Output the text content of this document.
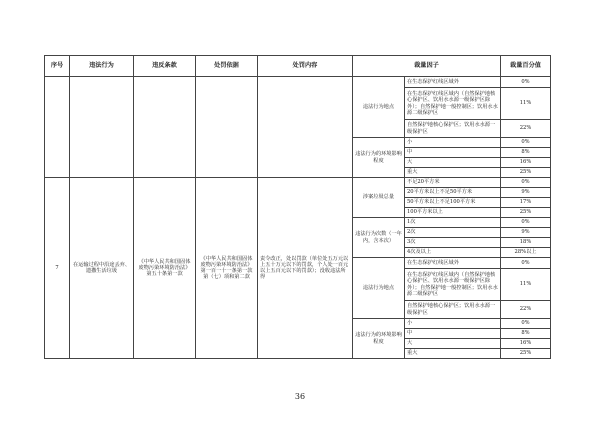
序号	违法行为	违反条款	处罚依据	处罚内容	裁量因子		裁量百分值
					违法行为地点	在生态保护红线区域外	0%
						在生态保护红线区域内（自然保护地核心保护区、饮用水水源一级保护区除外）；自然保护地一般控制区；饮用水水源二级保护区	11%
						自然保护地核心保护区；饮用水水源一级保护区	22%
					违法行为的环境影响程度	小	0%
						中	8%
						大	16%
						重大	25%
7	在运输过程中沿途丢弃、遗撒生活垃圾	《中华人民共和国固体废物污染环境防治法》第五十条第一款	《中华人民共和国固体废物污染环境防治法》第一百一十一条第一款第（七）项和第二款	责令改正，处以罚款（单位处五万元以上五十万元以下的罚款，个人处一百元以上五百元以下的罚款）；没收违法所得	涉案垃圾总量	不足20平方米	0%
						20平方米以上不足50平方米	9%
						50平方米以上不足100平方米	17%
						100平方米以上	25%
					违法行为次数（一年内，含本次）	1次	0%
						2次	9%
						3次	18%
						4次及以上	28%以上
					违法行为地点	在生态保护红线区域外	0%
						在生态保护红线区域内（自然保护地核心保护区、饮用水水源一级保护区除外）；自然保护地一般控制区；饮用水水源二级保护区	11%
						自然保护地核心保护区；饮用水水源一级保护区	22%
					违法行为的环境影响程度	小	0%
						中	8%
						大	16%
						重大	25%
36
